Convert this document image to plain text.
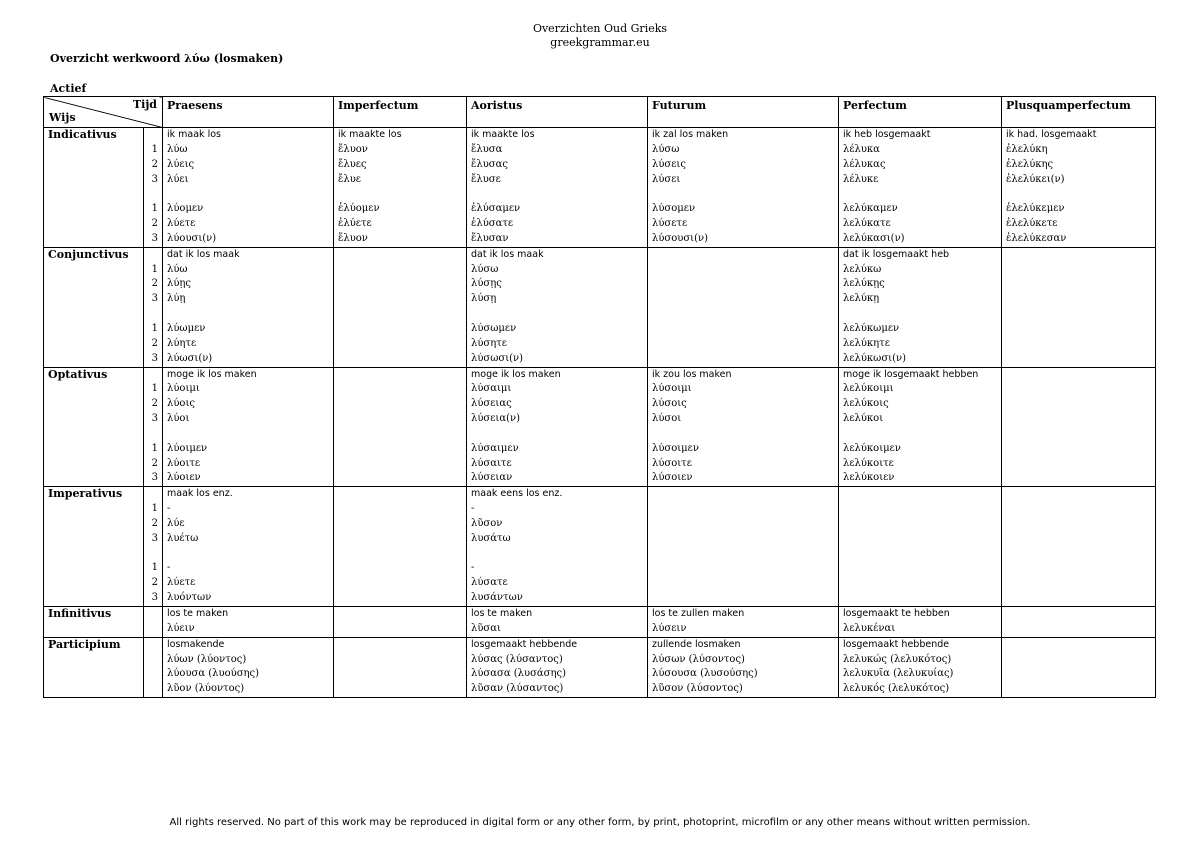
Overzichten Oud Grieks
greekgrammar.eu
Overzicht werkwoord λύω (losmaken)
Actief
Tijd
Wijs		Praesens	Imperfectum	Aoristus	Futurum	Perfectum	Plusquamperfectum
Indicativus		ik maak los	ik maakte los	ik maakte los	ik zal los maken	ik heb losgemaakt	ik had. losgemaakt

	1	λύω	ἔλυον	ἔλυσα	λύσω	λέλυκα	ἐλελύκη

	2	λύεις	ἔλυες	ἔλυσας	λύσεις	λέλυκας	ἐλελύκης

	3	λύει	ἔλυε	ἔλυσε	λύσει	λέλυκε	ἐλελύκει(ν)

	1	λύομεν	ἐλύομεν	ἐλύσαμεν	λύσομεν	λελύκαμεν	ἐλελύκεμεν

	2	λύετε	ἐλύετε	ἐλύσατε	λύσετε	λελύκατε	ἐλελύκετε

	3	λύουσι(ν)	ἔλυον	ἔλυσαν	λύσουσι(ν)	λελύκασι(ν)	ἐλελύκεσαν

Conjunctivus		dat ik los maak		dat ik los maak		dat ik losgemaakt heb	

	1	λύω		λύσω		λελύκω	

	2	λύῃς		λύσῃς		λελύκῃς	

	3	λύῃ		λύσῃ		λελύκῃ	

	1	λύωμεν		λύσωμεν		λελύκωμεν	

	2	λύητε		λύσητε		λελύκητε	

	3	λύωσι(ν)		λύσωσι(ν)		λελύκωσι(ν)	

Optativus		moge ik los maken		moge ik los maken	ik zou los maken	moge ik losgemaakt hebben	

	1	λύοιμι		λύσαιμι	λύσοιμι	λελύκοιμι	

	2	λύοις		λύσειας	λύσοις	λελύκοις	

	3	λύοι		λύσεια(ν)	λύσοι	λελύκοι	

	1	λύοιμεν		λύσαιμεν	λύσοιμεν	λελύκοιμεν	

	2	λύοιτε		λύσαιτε	λύσοιτε	λελύκοιτε	

	3	λύοιεν		λύσειαν	λύσοιεν	λελύκοιεν	

Imperativus		maak los enz.		maak eens los enz.			

	1	-		-			

	2	λύε		λῦσον			

	3	λυέτω		λυσάτω			

	1	-		-			

	2	λύετε		λύσατε			

	3	λυόντων		λυσάντων			

Infinitivus		los te maken		los te maken	los te zullen maken	losgemaakt te hebben	

		λύειν		λῦσαι	λύσειν	λελυκέναι	

Participium		losmakende		losgemaakt hebbende	zullende losmaken	losgemaakt hebbende	

		λύων (λύοντος)		λύσας (λύσαντος)	λύσων (λύσοντος)	λελυκώς (λελυκότος)	

		λύουσα (λυούσης)		λύσασα (λυσάσης)	λύσουσα (λυσούσης)	λελυκυῖα (λελυκυίας)	

		λῦον (λύοντος)		λῦσαν (λύσαντος)	λῦσον (λύσοντος)	λελυκός (λελυκότος)	

All rights reserved. No part of this work may be reproduced in digital form or any other form, by print, photoprint, microfilm or any other means without written permission.
